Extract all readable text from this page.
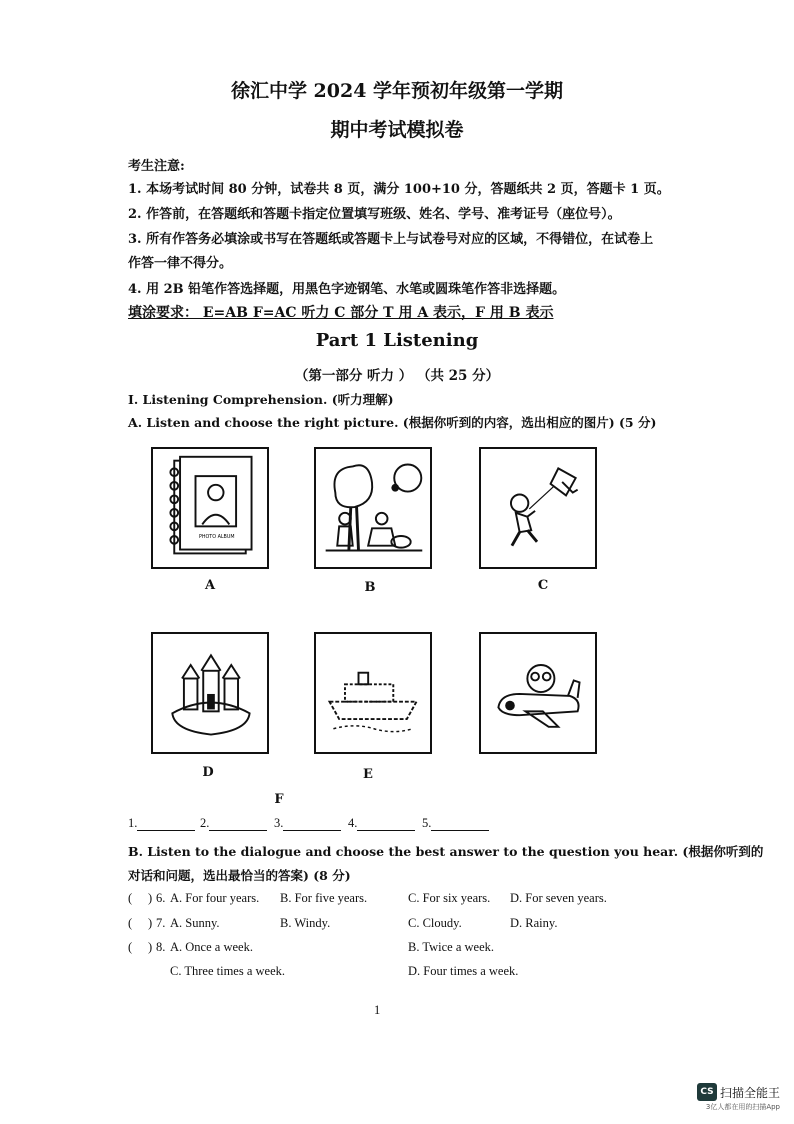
徐汇中学 2024 学年预初年级第一学期
期中考试模拟卷
考生注意:
1. 本场考试时间 80 分钟，试卷共 8 页，满分 100+10 分，答题纸共 2 页，答题卡 1 页。
2. 作答前，在答题纸和答题卡指定位置填写班级、姓名、学号、准考证号（座位号）。
3. 所有作答务必填涂或书写在答题纸或答题卡上与试卷号对应的区域，不得错位，在试卷上
作答一律不得分。
4. 用 2B 铅笔作答选择题，用黑色字迹钢笔、水笔或圆珠笔作答非选择题。
填涂要求： E=AB F=AC 听力 C 部分 T 用 A 表示，F 用 B 表示
Part 1 Listening
（第一部分 听力 ） （共 25 分）
I. Listening Comprehension. (听力理解)
A. Listen and choose the right picture. (根据你听到的内容，选出相应的图片) (5 分)
PHOTO ALBUM
A	B	C
D	E
F
1.	2.	3.	4.	5.
B. Listen to the dialogue and choose the best answer to the question you hear. (根据你听到的
对话和问题，选出最恰当的答案) (8 分)
( ) 6. A. For four years. B. For five years.	C. For six years. D. For seven years.
( ) 7. A. Sunny.	B. Windy.	C. Cloudy.	D. Rainy.
( ) 8. A. Once a week.	B. Twice a week.
C. Three times a week.	D. Four times a week.
1
CS 扫描全能王
3亿人都在用的扫描App
